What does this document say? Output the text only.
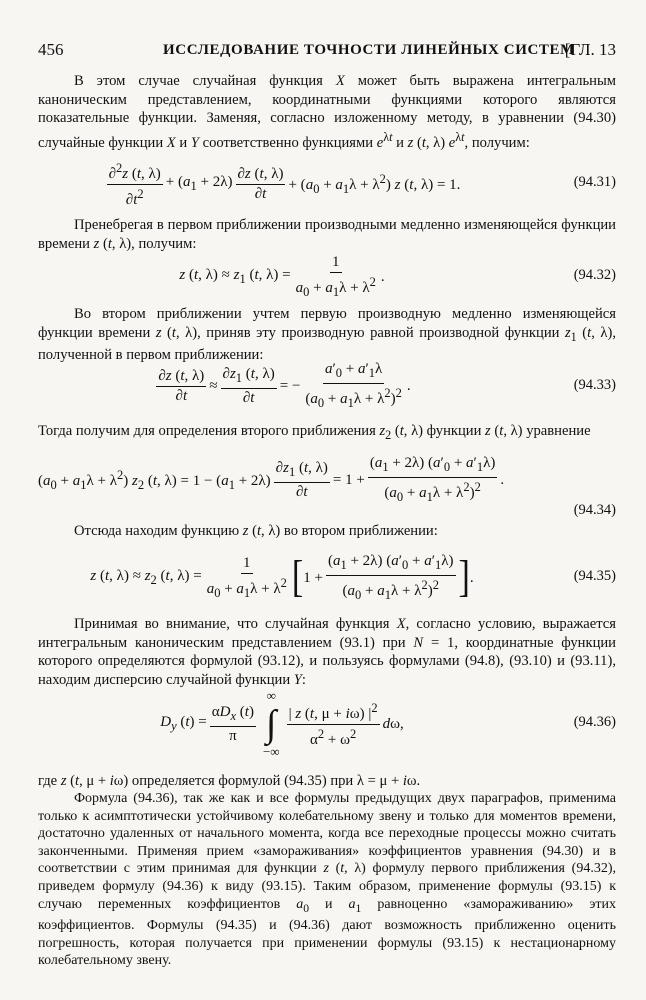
456	ИССЛЕДОВАНИЕ ТОЧНОСТИ ЛИНЕЙНЫХ СИСТЕМ
[ГЛ. 13

В этом случае случайная функция X может быть выражена интегральным каноническим представлением, координатными функциями которого являются показательные функции. Заменяя, согласно изложенному методу, в уравнении (94.30) случайные функции X и Y соответственно функциями $e^{\lambda t}$ и z (t, λ) $e^{\lambda t}$, получим:

∂$^2$z (t, λ)
$\partial t^2$
+ $(a_1 + 2\lambda)$
∂z (t, λ)
∂t
+ $(a_0 + a_1\lambda + \lambda^2)$ z (t, λ) = 1.	(94.31)

Пренебрегая в первом приближении производными медленно изменяющейся функции времени z (t, λ), получим:

z (t, $\lambda) \approx z_1$ (t, $\lambda) = \frac{1}{a_0 + a_1\lambda + \lambda^2}$ .	(94.32)

Во втором приближении учтем первую производную медленно изменяющейся функции времени z (t, λ), приняв эту производную равной производной функции $z_1$ (t, λ), полученной в первом приближении:

$\frac{\partial z (t, \lambda)}{\partial t} \approx \frac{\partial z_1 (t, \lambda)}{\partial t}$ = − $\frac{a'_0 + a'_1\lambda}{(a_0 + a_1\lambda + \lambda^2)^2}$ .	(94.33)

Тогда получим для определения второго приближения $z_2$ (t, λ) функции z (t, λ) уравнение

$(a_0 + a_1\lambda + \lambda^2)$ $z_2$ (t, $\lambda) = 1 - (a_1 + 2\lambda) \frac{\partial z_1 (t, \lambda)}{\partial t} = 1 + \frac{(a_1 + 2\lambda) (a'_0 + a'_1\lambda)}{(a_0 + a_1\lambda + \lambda^2)^2}$ .
(94.34)

Отсюда находим функцию z (t, λ) во втором приближении:

z (t, $\lambda) \approx z_2$ (t, $\lambda) = \frac{1}{a_0 + a_1\lambda + \lambda^2}$ [ $1 + \frac{(a_1 + 2\lambda) (a'_0 + a'_1\lambda)}{(a_0 + a_1\lambda + \lambda^2)^2}$ ] .	(94.35)

Принимая во внимание, что случайная функция X, согласно условию, выражается интегральным каноническим представлением (93.1) при N = 1, координатные функции которого определяются формулой (93.12), и пользуясь формулами (94.8), (93.10) и (93.11), находим дисперсию случайной функции Y:

$D_y$ (t) =
$\alpha D_x$ (t)
π
∞
∫
−∞
| z (t, μ + iω) $|^2$
$\alpha^2 + \omega^2$
dω,	(94.36)

где z (t, μ + iω) определяется формулой (94.35) при λ = μ + iω.

Формула (94.36), так же как и все формулы предыдущих двух параграфов, применима только к асимптотически устойчивому колебательному звену и только для моментов времени, достаточно удаленных от начального момента, когда все переходные процессы можно считать законченными. Применяя прием «замораживания» коэффициентов уравнения (94.30) и в соответствии с этим принимая для функции z (t, λ) формулу первого приближения (94.32), приведем формулу (94.36) к виду (93.15). Таким образом, применение формулы (93.15) к случаю переменных коэффициентов $a_0$ и $a_1$ равноценно «замораживанию» этих коэффициентов. Формулы (94.35) и (94.36) дают возможность приближенно оценить погрешность, которая получается при применении формулы (93.15) к нестационарному колебательному звену.
